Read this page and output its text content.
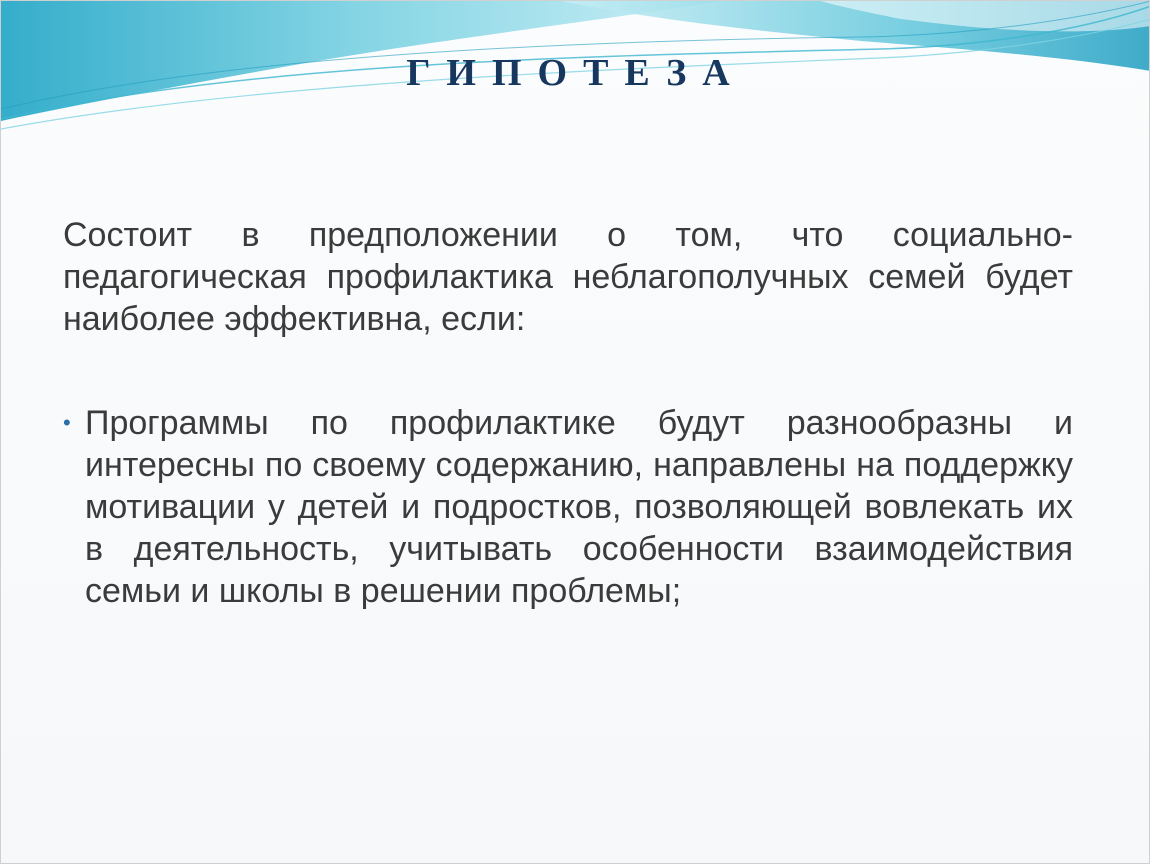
ГИПОТЕЗА

Состоит в предположении о том, что социально-педагогическая профилактика неблагополучных семей будет наиболее эффективна, если:

• Программы по профилактике будут разнообразны и интересны по своему содержанию, направлены на поддержку мотивации у детей и подростков, позволяющей вовлекать их в деятельность, учитывать особенности взаимодействия семьи и школы в решении проблемы;
